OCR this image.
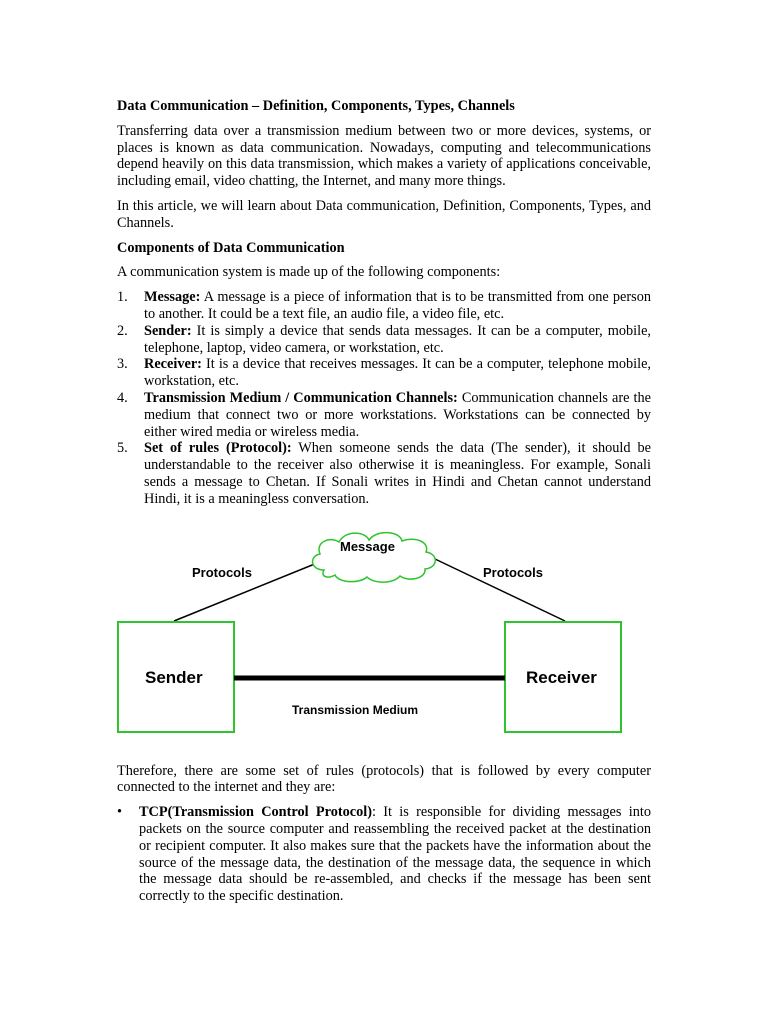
Data Communication – Definition, Components, Types, Channels

Transferring data over a transmission medium between two or more devices, systems, or places is known as data communication. Nowadays, computing and telecommunications depend heavily on this data transmission, which makes a variety of applications conceivable, including email, video chatting, the Internet, and many more things.

In this article, we will learn about Data communication, Definition, Components, Types, and Channels.

Components of Data Communication

A communication system is made up of the following components:

1. Message: A message is a piece of information that is to be transmitted from one person to another. It could be a text file, an audio file, a video file, etc.
2. Sender: It is simply a device that sends data messages. It can be a computer, mobile, telephone, laptop, video camera, or workstation, etc.
3. Receiver: It is a device that receives messages. It can be a computer, telephone mobile, workstation, etc.
4. Transmission Medium / Communication Channels: Communication channels are the medium that connect two or more workstations. Workstations can be connected by either wired media or wireless media.
5. Set of rules (Protocol): When someone sends the data (The sender), it should be understandable to the receiver also otherwise it is meaningless. For example, Sonali sends a message to Chetan. If Sonali writes in Hindi and Chetan cannot understand Hindi, it is a meaningless conversation.
Message
Protocols	Protocols
Sender	Receiver
Transmission Medium

Therefore, there are some set of rules (protocols) that is followed by every computer connected to the internet and they are:

• TCP(Transmission Control Protocol): It is responsible for dividing messages into packets on the source computer and reassembling the received packet at the destination or recipient computer. It also makes sure that the packets have the information about the source of the message data, the destination of the message data, the sequence in which the message data should be re-assembled, and checks if the message has been sent correctly to the specific destination.
